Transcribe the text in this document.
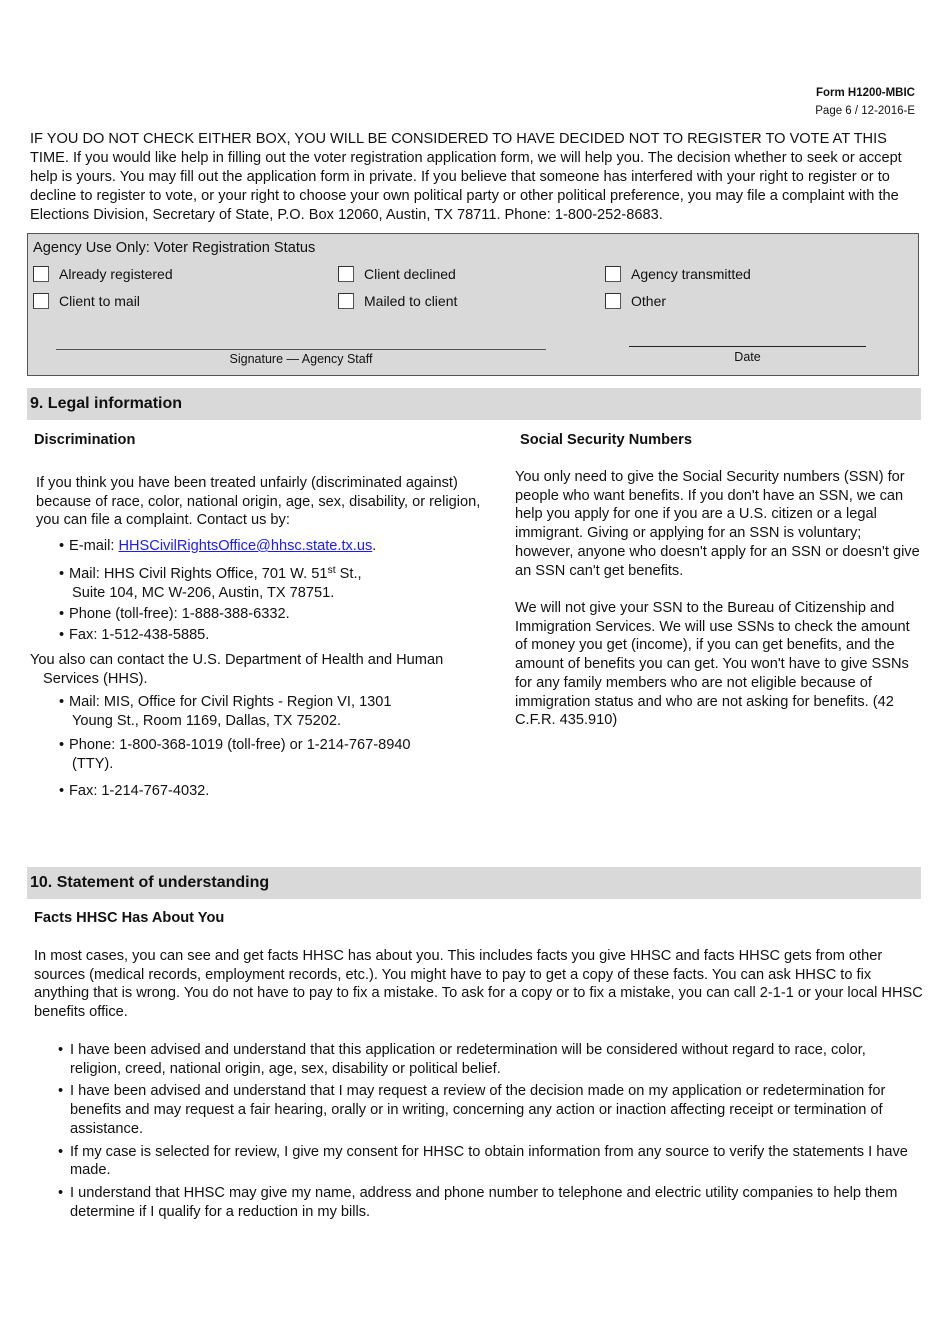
Form H1200-MBIC
Page 6 / 12-2016-E
IF YOU DO NOT CHECK EITHER BOX, YOU WILL BE CONSIDERED TO HAVE DECIDED NOT TO REGISTER TO VOTE AT THIS TIME. If you would like help in filling out the voter registration application form, we will help you. The decision whether to seek or accept help is yours. You may fill out the application form in private. If you believe that someone has interfered with your right to register or to decline to register to vote, or your right to choose your own political party or other political preference, you may file a complaint with the Elections Division, Secretary of State, P.O. Box 12060, Austin, TX 78711. Phone: 1-800-252-8683.
Agency Use Only: Voter Registration Status
Already registered	Client declined	Agency transmitted
Client to mail	Mailed to client	Other
Signature — Agency Staff	Date
9. Legal information
Discrimination
If you think you have been treated unfairly (discriminated against) because of race, color, national origin, age, sex, disability, or religion, you can file a complaint. Contact us by:
• E-mail: HHSCivilRightsOffice@hhsc.state.tx.us.
• Mail: HHS Civil Rights Office, 701 W. 51st St.,
Suite 104, MC W-206, Austin, TX 78751.
• Phone (toll-free): 1-888-388-6332.
• Fax: 1-512-438-5885.
You also can contact the U.S. Department of Health and Human Services (HHS).
• Mail: MIS, Office for Civil Rights - Region VI, 1301
Young St., Room 1169, Dallas, TX 75202.
• Phone: 1-800-368-1019 (toll-free) or 1-214-767-8940
(TTY).
• Fax: 1-214-767-4032.
Social Security Numbers
You only need to give the Social Security numbers (SSN) for people who want benefits. If you don't have an SSN, we can help you apply for one if you are a U.S. citizen or a legal immigrant. Giving or applying for an SSN is voluntary; however, anyone who doesn't apply for an SSN or doesn't give an SSN can't get benefits.
We will not give your SSN to the Bureau of Citizenship and Immigration Services. We will use SSNs to check the amount of money you get (income), if you can get benefits, and the amount of benefits you can get. You won't have to give SSNs for any family members who are not eligible because of immigration status and who are not asking for benefits. (42 C.F.R. 435.910)
10. Statement of understanding
Facts HHSC Has About You
In most cases, you can see and get facts HHSC has about you. This includes facts you give HHSC and facts HHSC gets from other sources (medical records, employment records, etc.). You might have to pay to get a copy of these facts. You can ask HHSC to fix anything that is wrong. You do not have to pay to fix a mistake. To ask for a copy or to fix a mistake, you can call 2-1-1 or your local HHSC benefits office.
• I have been advised and understand that this application or redetermination will be considered without regard to race, color, religion, creed, national origin, age, sex, disability or political belief.
• I have been advised and understand that I may request a review of the decision made on my application or redetermination for benefits and may request a fair hearing, orally or in writing, concerning any action or inaction affecting receipt or termination of assistance.
• If my case is selected for review, I give my consent for HHSC to obtain information from any source to verify the statements I have made.
• I understand that HHSC may give my name, address and phone number to telephone and electric utility companies to help them determine if I qualify for a reduction in my bills.
